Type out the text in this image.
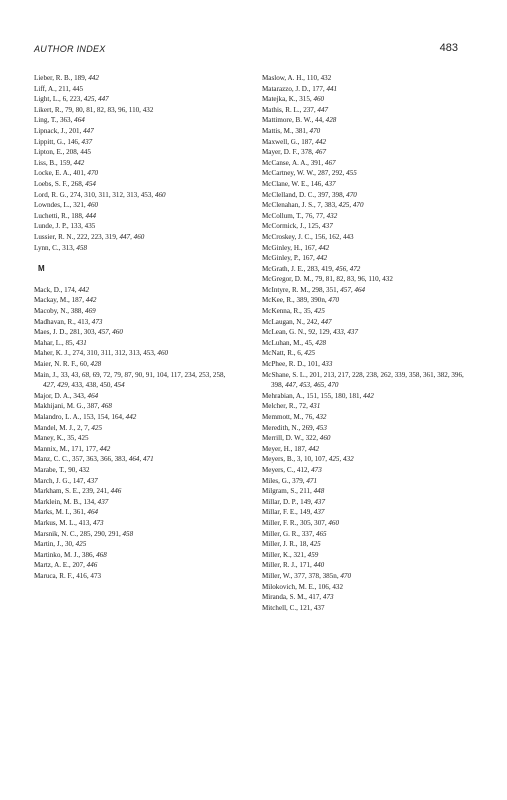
AUTHOR INDEX	483
Lieber, R. B., 189, 442
Liff, A., 211, 445
Light, L., 6, 223, 425, 447
Likert, R., 79, 80, 81, 82, 83, 96, 110, 432
Ling, T., 363, 464
Lipnack, J., 201, 447
Lippitt, G., 146, 437
Lipton, E., 208, 445
Liss, B., 159, 442
Locke, E. A., 401, 470
Loebs, S. F., 268, 454
Lord, R. G., 274, 310, 311, 312, 313, 453, 460
Lowndes, L., 321, 460
Luchetti, R., 188, 444
Lunde, J. P., 133, 435
Lussier, R. N., 222, 223, 319, 447, 460
Lynn, C., 313, 458
M
Mack, D., 174, 442
Mackay, M., 187, 442
Macoby, N., 388, 469
Madhavan, R., 413, 473
Maes, J. D., 281, 303, 457, 460
Mahar, L., 85, 431
Maher, K. J., 274, 310, 311, 312, 313, 453, 460
Maier, N. R. F., 60, 428
Main, J., 33, 43, 68, 69, 72, 79, 87, 90, 91, 104, 117, 234, 253, 258, 427, 429, 433, 438, 450, 454
Major, D. A., 343, 464
Makhijani, M. G., 387, 468
Malandro, L. A., 153, 154, 164, 442
Mandel, M. J., 2, 7, 425
Maney, K., 35, 425
Mannix, M., 171, 177, 442
Manz, C. C., 357, 363, 366, 383, 464, 471
Marabe, T., 90, 432
March, J. G., 147, 437
Markham, S. E., 239, 241, 446
Marklein, M. B., 134, 437
Marks, M. I., 361, 464
Markus, M. L., 413, 473
Marsnik, N. C., 285, 290, 291, 458
Martin, J., 30, 425
Martinko, M. J., 386, 468
Martz, A. E., 207, 446
Maruca, R. F., 416, 473
Maslow, A. H., 110, 432
Matarazzo, J. D., 177, 441
Matejka, K., 315, 460
Mathis, R. L., 237, 447
Mattimore, B. W., 44, 428
Mattis, M., 381, 470
Maxwell, G., 187, 442
Mayer, D. F., 378, 467
McCanse, A. A., 391, 467
McCartney, W. W., 287, 292, 455
McClane, W. E., 146, 437
McClelland, D. C., 397, 398, 470
McClenahan, J. S., 7, 383, 425, 470
McCollum, T., 76, 77, 432
McCormick, J., 125, 437
McCroskey, J. C., 156, 162, 443
McGinley, H., 167, 442
McGinley, P., 167, 442
McGrath, J. E., 283, 419, 456, 472
McGregor, D. M., 79, 81, 82, 83, 96, 110, 432
McIntyre, R. M., 298, 351, 457, 464
McKee, R., 389, 390n, 470
McKenna, R., 35, 425
McLaugan, N., 242, 447
McLean, G. N., 92, 129, 433, 437
McLuhan, M., 45, 428
McNatt, R., 6, 425
McPhee, R. D., 101, 433
McShane, S. L., 201, 213, 217, 228, 238, 262, 339, 358, 361, 382, 396, 398, 447, 453, 465, 470
Mehrabian, A., 151, 155, 180, 181, 442
Melcher, R., 72, 431
Memmott, M., 76, 432
Meredith, N., 269, 453
Merrill, D. W., 322, 460
Meyer, H., 187, 442
Meyers, B., 3, 10, 107, 425, 432
Meyers, C., 412, 473
Miles, G., 379, 471
Milgram, S., 211, 448
Millar, D. P., 149, 437
Millar, F. E., 149, 437
Miller, F. R., 305, 307, 460
Miller, G. R., 337, 465
Miller, J. R., 18, 425
Miller, K., 321, 459
Miller, R. J., 171, 440
Miller, W., 377, 378, 385n, 470
Milokovich, M. E., 106, 432
Miranda, S. M., 417, 473
Mitchell, C., 121, 437
